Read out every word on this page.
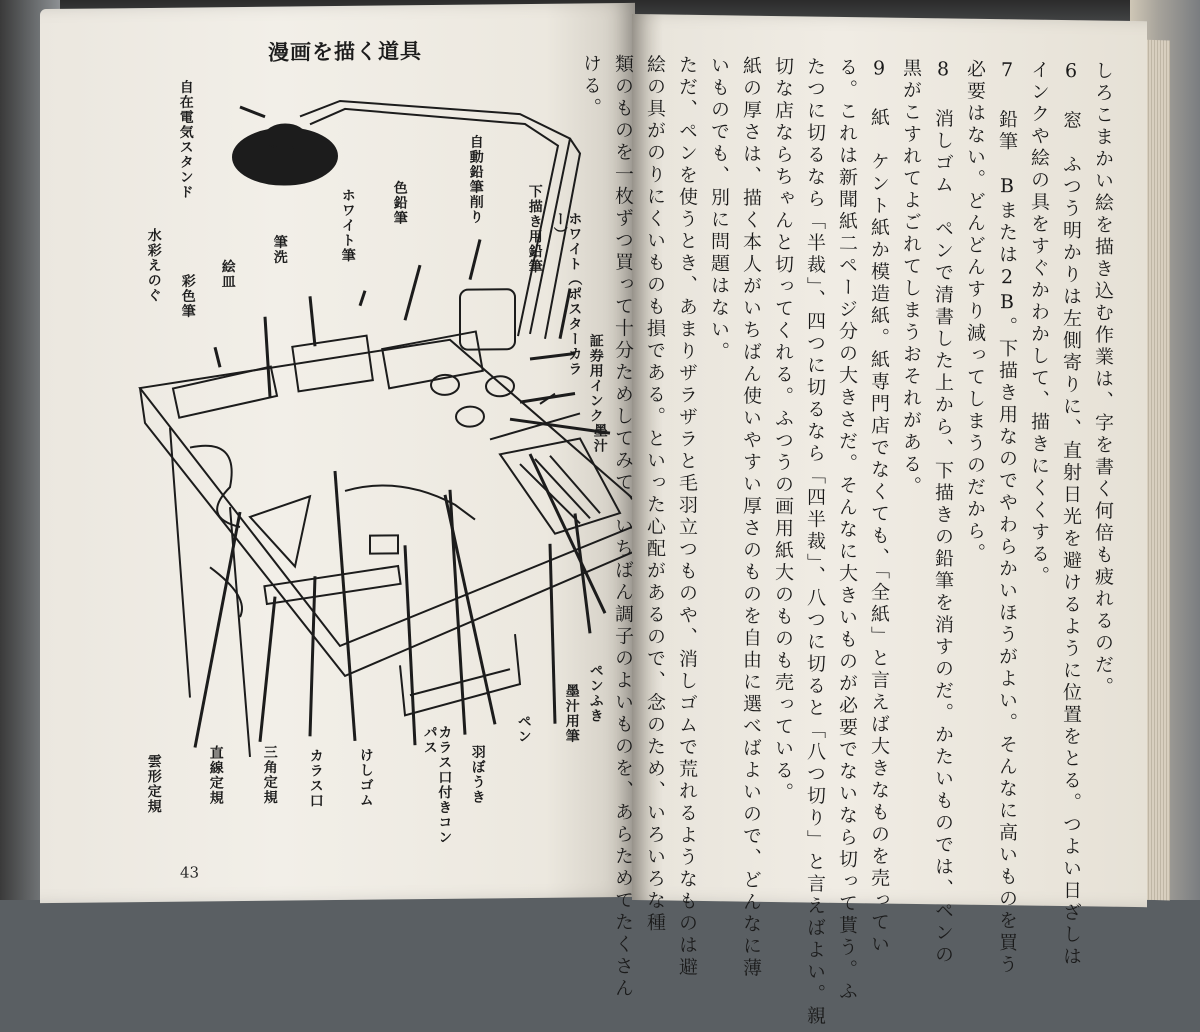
漫画を描く道具
自在電気スタンド	自動鉛筆削り
色鉛筆
ホワイト筆
筆洗
絵皿
彩色筆
水彩えのぐ	下描き用鉛筆	ホワイト（ポスターカラー）
証券用インク
墨汁
ペンふき
墨汁用筆
ペン
羽ぼうき
カラス口付きコンパス
けしゴム
カラス口
三角定規
直線定規
雲形定規
43

しろこまかい絵を描き込む作業は、字を書く何倍も疲れるのだ。

6 窓　ふつう明かりは左側寄りに、直射日光を避けるように位置をとる。つよい日ざしは

インクや絵の具をすぐかわかして、描きにくくする。

7 鉛筆　Bまたは2B。下描き用なのでやわらかいほうがよい。そんなに高いものを買う

必要はない。どんどんすり減ってしまうのだから。

8 消しゴム　ペンで清書した上から、下描きの鉛筆を消すのだ。かたいものでは、ペンの

黒がこすれてよごれてしまうおそれがある。

9 紙　ケント紙か模造紙。紙専門店でなくても、「全紙」と言えば大きなものを売ってい

る。これは新聞紙二ページ分の大きさだ。そんなに大きいものが必要でないなら切って貰う。ふ

たつに切るなら「半裁」、四つに切るなら「四半裁」、八つに切ると「八つ切り」と言えばよい。親

切な店ならちゃんと切ってくれる。ふつうの画用紙大のものも売っている。

紙の厚さは、描く本人がいちばん使いやすい厚さのものを自由に選べばよいので、どんなに薄

いものでも、別に問題はない。

ただ、ペンを使うとき、あまりザラザラと毛羽立つものや、消しゴムで荒れるようなものは避

絵の具がのりにくいものも損である。といった心配があるので、念のため、いろいろな種

類のものを一枚ずつ買って十分ためしてみて、いちばん調子のよいものを、あらためてたくさん

ける。
